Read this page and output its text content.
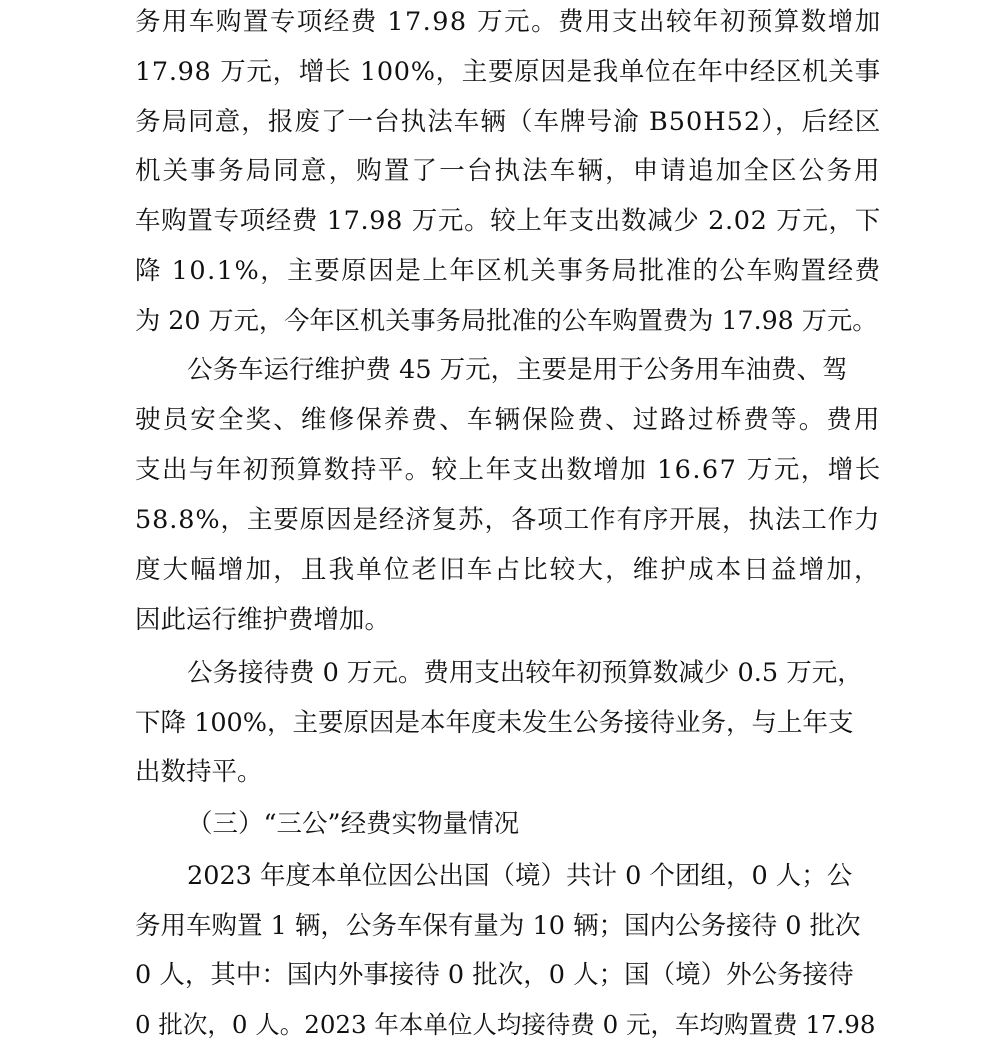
务用车购置专项经费 17.98 万元。费用支出较年初预算数增加
17.98 万元，增长 100%，主要原因是我单位在年中经区机关事
务局同意，报废了一台执法车辆（车牌号渝 B50H52），后经区
机关事务局同意，购置了一台执法车辆，申请追加全区公务用
车购置专项经费 17.98 万元。较上年支出数减少 2.02 万元，下
降 10.1%，主要原因是上年区机关事务局批准的公车购置经费
为 20 万元，今年区机关事务局批准的公车购置费为 17.98 万元。
公务车运行维护费 45 万元，主要是用于公务用车油费、驾
驶员安全奖、维修保养费、车辆保险费、过路过桥费等。费用
支出与年初预算数持平。较上年支出数增加 16.67 万元，增长
58.8%，主要原因是经济复苏，各项工作有序开展，执法工作力
度大幅增加，且我单位老旧车占比较大，维护成本日益增加，
因此运行维护费增加。
公务接待费 0 万元。费用支出较年初预算数减少 0.5 万元，
下降 100%，主要原因是本年度未发生公务接待业务，与上年支
出数持平。
（三）“三公”经费实物量情况
2023 年度本单位因公出国（境）共计 0 个团组，0 人；公
务用车购置 1 辆，公务车保有量为 10 辆；国内公务接待 0 批次
0 人，其中：国内外事接待 0 批次，0 人；国（境）外公务接待
0 批次，0 人。2023 年本单位人均接待费 0 元，车均购置费 17.98
